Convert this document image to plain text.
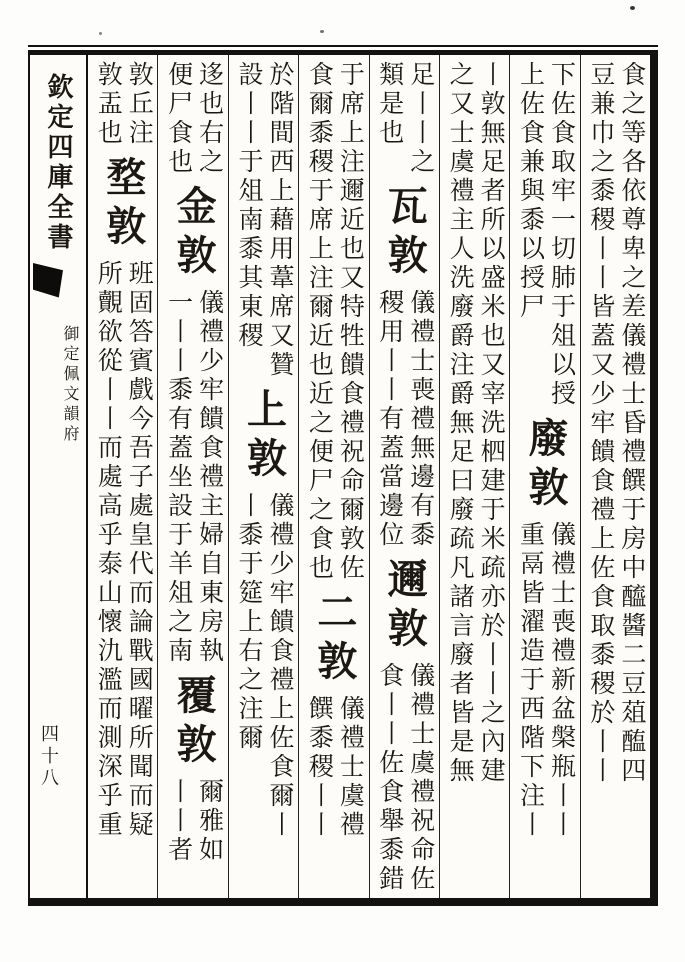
欽定四庫全書
御定佩文韻府
四十八	食之等各依尊卑之差儀禮士昏禮饌于房中醯醬二豆葅醢四
豆兼巾之黍稷丨丨皆蓋又少牢饋食禮上佐食取黍稷於丨丨
下佐食取牢一切肺于俎以授
上佐食兼與黍以授尸
廢敦
儀禮士喪禮新盆槃瓶丨丨
重鬲皆濯造于西階下注丨
丨敦無足者所以盛米也又宰洗柶建于米疏亦於丨丨之內建
之又士虞禮主人洗廢爵注爵無足曰廢疏凡諸言廢者皆是無
足丨丨之
類是也
瓦敦
儀禮士喪禮無邊有黍
稷用丨丨有蓋當邊位
邇敦
儀禮士虞禮祝命佐
食丨丨佐食舉黍錯
于席上注邇近也又特牲饋食禮祝命爾敦佐
食爾黍稷于席上注爾近也近之便尸之食也
二敦
儀禮士虞禮
饌黍稷丨丨
於階間西上藉用葦席又贊
設丨丨于俎南黍其東稷
上敦
儀禮少牢饋食禮上佐食爾丨
丨黍于筵上右之注爾
迻也右之
便尸食也
金敦
儀禮少牢饋食禮主婦自東房執
一丨丨黍有蓋坐設于羊俎之南
覆敦
爾雅如
丨丨者
敦丘注
敦盂也
堥敦
班固答賓戲今吾子處皇代而論戰國曜所聞而疑
所覿欲從丨丨而處高乎泰山懷氿濫而測深乎重
